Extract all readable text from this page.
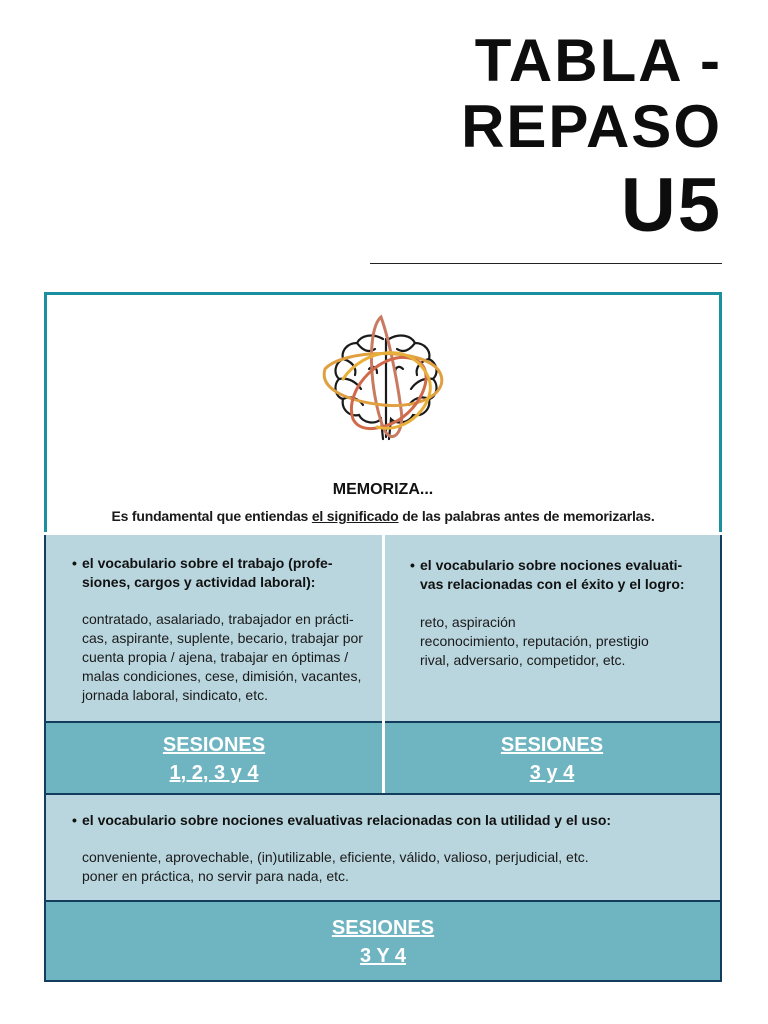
TABLA -
REPASO
U5
MEMORIZA...
Es fundamental que entiendas el significado de las palabras antes de memorizarlas.
• el vocabulario sobre el trabajo (profe-
siones, cargos y actividad laboral):
contratado, asalariado, trabajador en prácti-
cas, aspirante, suplente, becario, trabajar por
cuenta propia / ajena, trabajar en óptimas /
malas condiciones, cese, dimisión, vacantes,
jornada laboral, sindicato, etc.
• el vocabulario sobre nociones evaluati-
vas relacionadas con el éxito y el logro:
reto, aspiración
reconocimiento, reputación, prestigio
rival, adversario, competidor, etc.
SESIONES
1, 2, 3 y 4
SESIONES
3 y 4
• el vocabulario sobre nociones evaluativas relacionadas con la utilidad y el uso:
conveniente, aprovechable, (in)utilizable, eficiente, válido, valioso, perjudicial, etc.
poner en práctica, no servir para nada, etc.
SESIONES
3 Y 4
